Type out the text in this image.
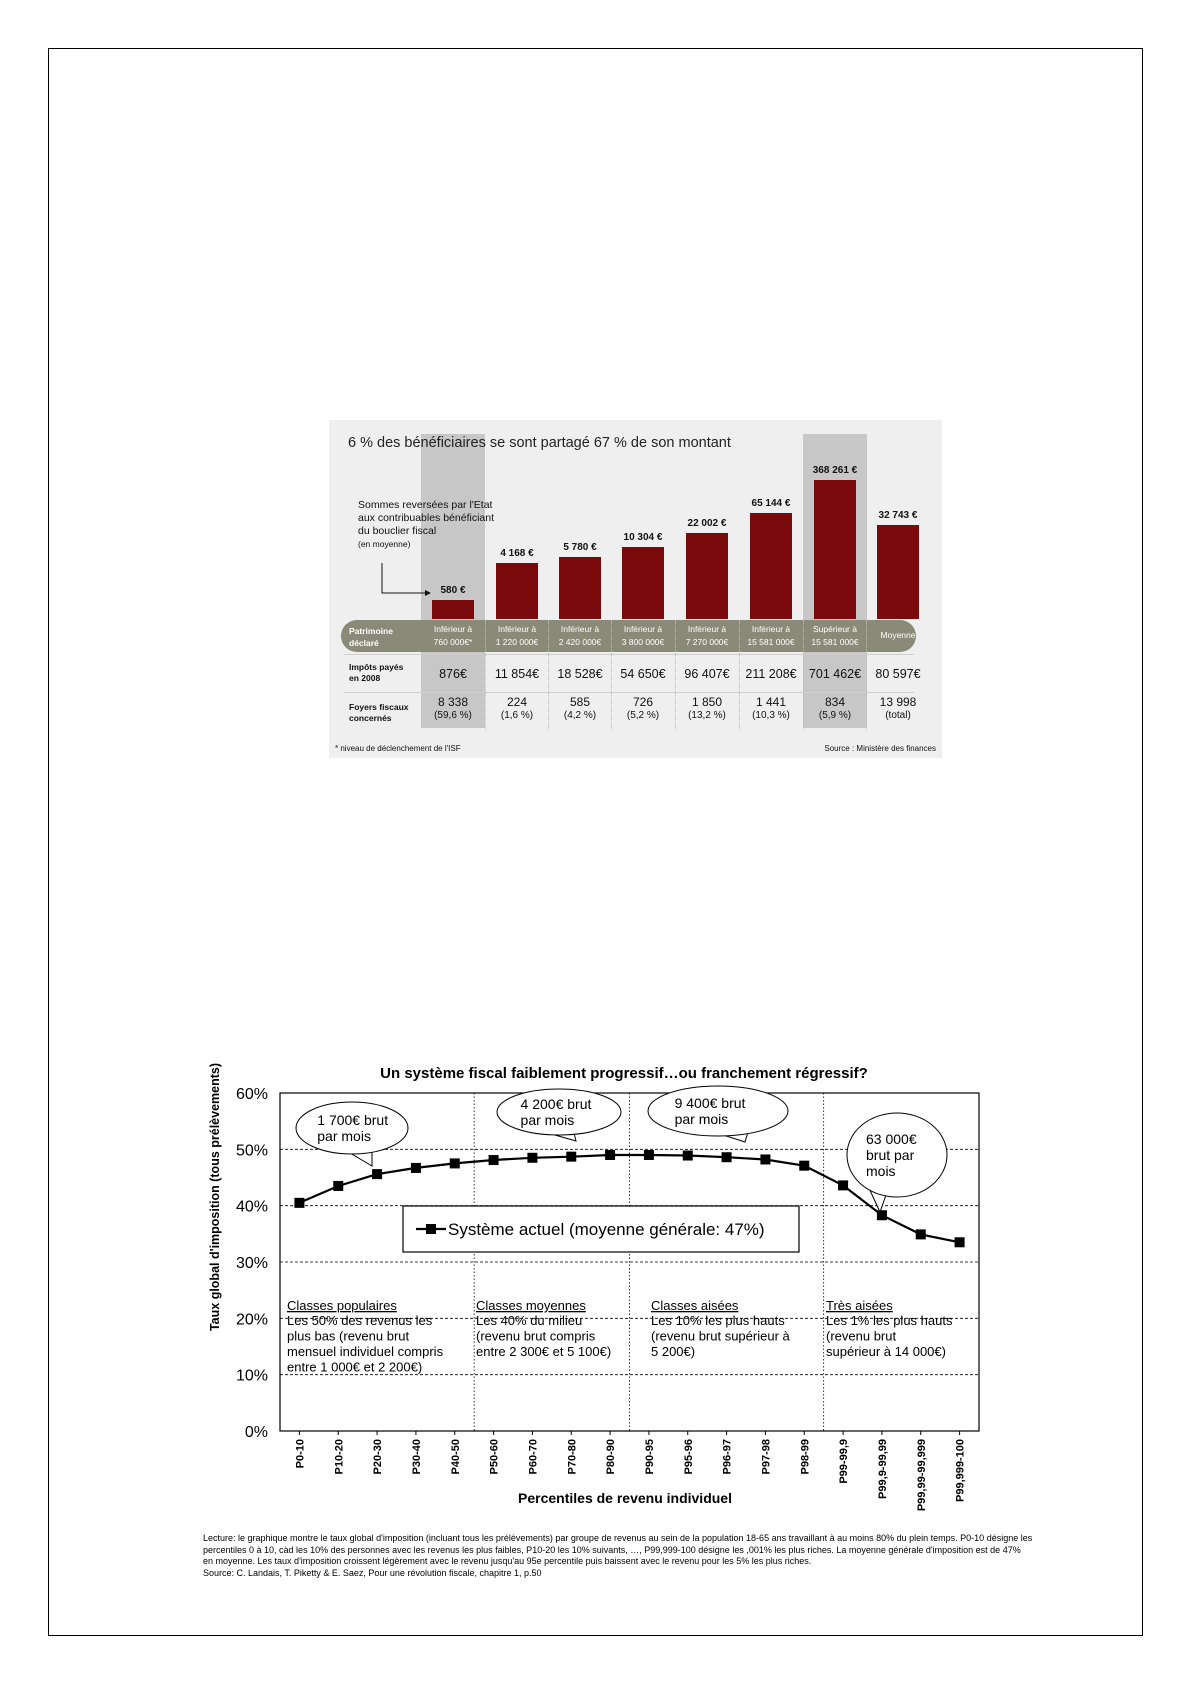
6 % des bénéficiaires se sont partagé 67 % de son montant
Sommes reversées par l'Etat
aux contribuables bénéficiant
du bouclier fiscal
(en moyenne)
580 €
4 168 €
5 780 €
10 304 €
22 002 €
65 144 €
368 261 €
32 743 €
Patrimoine
déclaré
Inférieur à
760 000€*
Inférieur à
1 220 000€
Inférieur à
2 420 000€
Inférieur à
3 800 000€
Inférieur à
7 270 000€
Inférieur à
15 581 000€
Supérieur à
15 581 000€
Moyenne
Impôts payés
en 2008
Foyers fiscaux
concernés
876€
8 338
(59,6 %)
11 854€
224
(1,6 %)
18 528€
585
(4,2 %)
54 650€
726
(5,2 %)
96 407€
1 850
(13,2 %)
211 208€
1 441
(10,3 %)
701 462€
834
(5,9 %)
80 597€
13 998
(total)
* niveau de déclenchement de l'ISF	Source : Ministère des finances
Un système fiscal faiblement progressif…ou franchement régressif?
Taux global d'imposition (tous prélèvements)
Percentiles de revenu individuel
0%
10%
20%
30%
40%
50%
60%
P0-10 P10-20 P20-30 P30-40 P40-50 P50-60 P60-70 P70-80 P80-90 P90-95 P95-96 P96-97 P97-98 P98-99 P99-99,9 P99,9-99,99 P99,99-99,999 P99,999-100
Classes populaires
Les 50% des revenus les
plus bas (revenu brut
mensuel individuel compris
entre 1 000€ et 2 200€)
Classes moyennes
Les 40% du milieu
(revenu brut compris
entre 2 300€ et 5 100€)
Classes aisées
Les 10% les plus hauts
(revenu brut supérieur à
5 200€)
Très aisées
Les 1% les plus hauts
(revenu brut
supérieur à 14 000€)
1 700€ brut
par mois
4 200€ brut
par mois
9 400€ brut
par mois
63 000€
brut par
mois
Système actuel (moyenne générale: 47%)
Lecture: le graphique montre le taux global d'imposition (incluant tous les prélèvements) par groupe de revenus au sein de la population 18-65 ans travaillant à au moins 80% du plein temps. P0-10 désigne les percentiles 0 à 10, càd les 10% des personnes avec les revenus les plus faibles, P10-20 les 10% suivants, …, P99,999-100 désigne les ,001% les plus riches. La moyenne générale d'imposition est de 47% en moyenne. Les taux d'imposition croissent légèrement avec le revenu jusqu'au 95e percentile puis baissent avec le revenu pour les 5% les plus riches.
Source: C. Landais, T. Piketty & E. Saez, Pour une révolution fiscale, chapitre 1, p.50
